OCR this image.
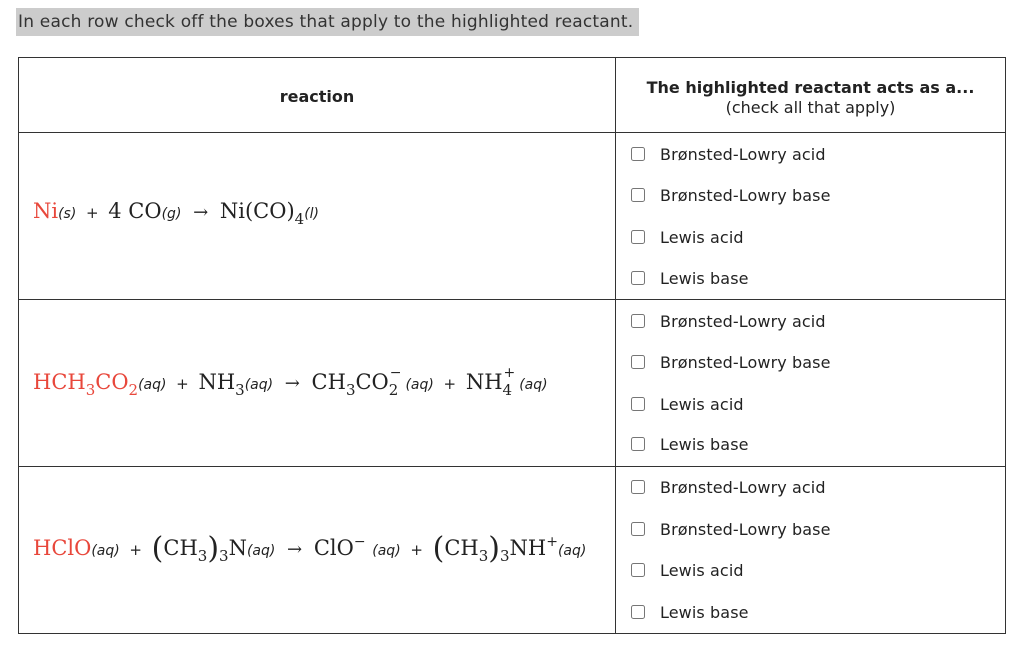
In each row check off the boxes that apply to the highlighted reactant.
reaction	The highlighted reactant acts as a...
(check all that apply)
Ni(s) + 4 $CO(g) \to Ni(CO)_4(l)$
$HCH_3CO_2(aq) + NH_3(aq) \to CH_3CO$ −
2 (aq) + NH +
4 (aq)
HClO(aq) + $(CH_3)_3N(aq) \to ClO^-$ $(aq) + (CH_3)_3NH^+(aq)$
Brønsted-Lowry acid
Brønsted-Lowry base
Lewis acid
Lewis base
Brønsted-Lowry acid
Brønsted-Lowry base
Lewis acid
Lewis base
Brønsted-Lowry acid
Brønsted-Lowry base
Lewis acid
Lewis base
